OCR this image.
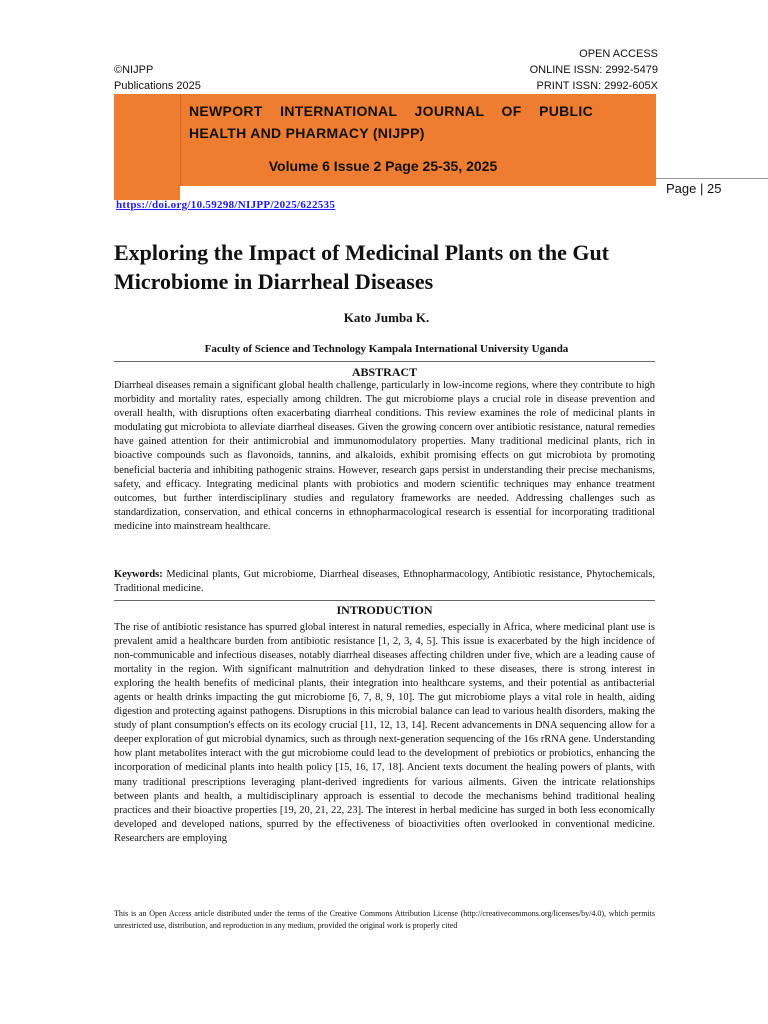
©NIJPP
Publications 2025
OPEN ACCESS
ONLINE ISSN: 2992-5479
PRINT ISSN: 2992-605X
NEWPORT INTERNATIONAL JOURNAL OF PUBLIC HEALTH AND PHARMACY (NIJPP)
Volume 6 Issue 2 Page 25-35, 2025
Page | 25
https://doi.org/10.59298/NIJPP/2025/622535
Exploring the Impact of Medicinal Plants on the Gut Microbiome in Diarrheal Diseases
Kato Jumba K.
Faculty of Science and Technology Kampala International University Uganda
ABSTRACT

Diarrheal diseases remain a significant global health challenge, particularly in low-income regions, where they contribute to high morbidity and mortality rates, especially among children. The gut microbiome plays a crucial role in disease prevention and overall health, with disruptions often exacerbating diarrheal conditions. This review examines the role of medicinal plants in modulating gut microbiota to alleviate diarrheal diseases. Given the growing concern over antibiotic resistance, natural remedies have gained attention for their antimicrobial and immunomodulatory properties. Many traditional medicinal plants, rich in bioactive compounds such as flavonoids, tannins, and alkaloids, exhibit promising effects on gut microbiota by promoting beneficial bacteria and inhibiting pathogenic strains. However, research gaps persist in understanding their precise mechanisms, safety, and efficacy. Integrating medicinal plants with probiotics and modern scientific techniques may enhance treatment outcomes, but further interdisciplinary studies and regulatory frameworks are needed. Addressing challenges such as standardization, conservation, and ethical concerns in ethnopharmacological research is essential for incorporating traditional medicine into mainstream healthcare.

Keywords: Medicinal plants, Gut microbiome, Diarrheal diseases, Ethnopharmacology, Antibiotic resistance, Phytochemicals, Traditional medicine.

INTRODUCTION

The rise of antibiotic resistance has spurred global interest in natural remedies, especially in Africa, where medicinal plant use is prevalent amid a healthcare burden from antibiotic resistance [1, 2, 3, 4, 5]. This issue is exacerbated by the high incidence of non-communicable and infectious diseases, notably diarrheal diseases affecting children under five, which are a leading cause of mortality in the region. With significant malnutrition and dehydration linked to these diseases, there is strong interest in exploring the health benefits of medicinal plants, their integration into healthcare systems, and their potential as antibacterial agents or health drinks impacting the gut microbiome [6, 7, 8, 9, 10]. The gut microbiome plays a vital role in health, aiding digestion and protecting against pathogens. Disruptions in this microbial balance can lead to various health disorders, making the study of plant consumption's effects on its ecology crucial [11, 12, 13, 14]. Recent advancements in DNA sequencing allow for a deeper exploration of gut microbial dynamics, such as through next-generation sequencing of the 16s rRNA gene. Understanding how plant metabolites interact with the gut microbiome could lead to the development of prebiotics or probiotics, enhancing the incorporation of medicinal plants into health policy [15, 16, 17, 18]. Ancient texts document the healing powers of plants, with many traditional prescriptions leveraging plant-derived ingredients for various ailments. Given the intricate relationships between plants and health, a multidisciplinary approach is essential to decode the mechanisms behind traditional healing practices and their bioactive properties [19, 20, 21, 22, 23]. The interest in herbal medicine has surged in both less economically developed and developed nations, spurred by the effectiveness of bioactivities often overlooked in conventional medicine. Researchers are employing

This is an Open Access article distributed under the terms of the Creative Commons Attribution License (http://creativecommons.org/licenses/by/4.0), which permits unrestricted use, distribution, and reproduction in any medium, provided the original work is properly cited
